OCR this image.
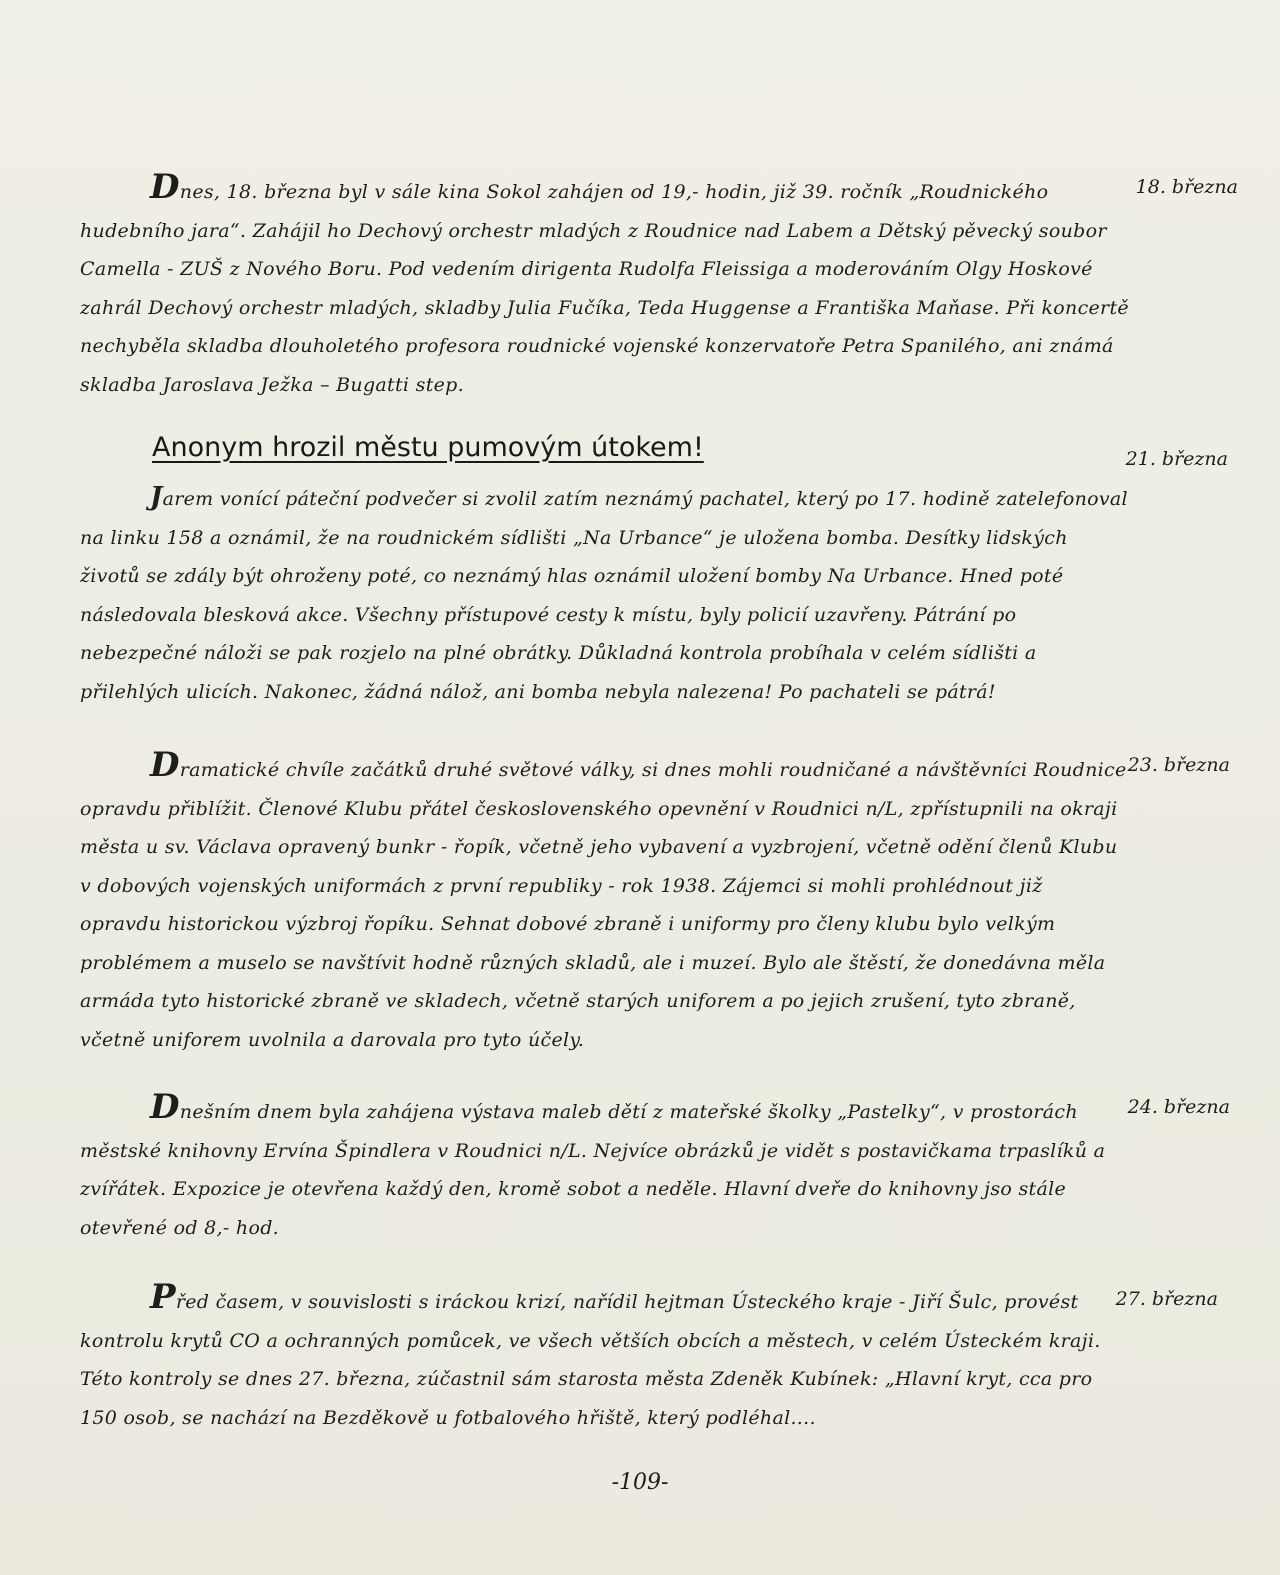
Dnes, 18. března byl v sále kina Sokol zahájen od 19,- hodin, již 39. ročník „Roudnického hudebního jara“. Zahájil ho Dechový orchestr mladých z Roudnice nad Labem a Dětský pěvecký soubor Camella - ZUŠ z Nového Boru. Pod vedením dirigenta Rudolfa Fleissiga a moderováním Olgy Hoskové zahrál Dechový orchestr mladých, skladby Julia Fučíka, Teda Huggense a Františka Maňase. Při koncertě nechyběla skladba dlouholetého profesora roudnické vojenské konzervatoře Petra Spanilého, ani známá skladba Jaroslava Ježka – Bugatti step.

18. března
Anonym hrozil městu pumovým útokem!	21. března

Jarem vonící páteční podvečer si zvolil zatím neznámý pachatel, který po 17. hodině zatelefonoval na linku 158 a oznámil, že na roudnickém sídlišti „Na Urbance“ je uložena bomba. Desítky lidských životů se zdály být ohroženy poté, co neznámý hlas oznámil uložení bomby Na Urbance. Hned poté následovala blesková akce. Všechny přístupové cesty k místu, byly policií uzavřeny. Pátrání po nebezpečné náloži se pak rozjelo na plné obrátky. Důkladná kontrola probíhala v celém sídlišti a přilehlých ulicích. Nakonec, žádná nálož, ani bomba nebyla nalezena! Po pachateli se pátrá!

Dramatické chvíle začátků druhé světové války, si dnes mohli roudničané a návštěvníci Roudnice opravdu přiblížit. Členové Klubu přátel československého opevnění v Roudnici n/L, zpřístupnili na okraji města u sv. Václava opravený bunkr - řopík, včetně jeho vybavení a vyzbrojení, včetně odění členů Klubu v dobových vojenských uniformách z první republiky - rok 1938. Zájemci si mohli prohlédnout již opravdu historickou výzbroj řopíku. Sehnat dobové zbraně i uniformy pro členy klubu bylo velkým problémem a muselo se navštívit hodně různých skladů, ale i muzeí. Bylo ale štěstí, že donedávna měla armáda tyto historické zbraně ve skladech, včetně starých uniforem a po jejich zrušení, tyto zbraně, včetně uniforem uvolnila a darovala pro tyto účely.

23. března

Dnešním dnem byla zahájena výstava maleb dětí z mateřské školky „Pastelky“, v prostorách městské knihovny Ervína Špindlera v Roudnici n/L. Nejvíce obrázků je vidět s postavičkama trpaslíků a zvířátek. Expozice je otevřena každý den, kromě sobot a neděle. Hlavní dveře do knihovny jso stále otevřené od 8,- hod.

24. března

Před časem, v souvislosti s iráckou krizí, nařídil hejtman Ústeckého kraje - Jiří Šulc, provést kontrolu krytů CO a ochranných pomůcek, ve všech větších obcích a městech, v celém Ústeckém kraji. Této kontroly se dnes 27. března, zúčastnil sám starosta města Zdeněk Kubínek: „Hlavní kryt, cca pro 150 osob, se nachází na Bezděkově u fotbalového hřiště, který podléhal....

27. března
-109-
